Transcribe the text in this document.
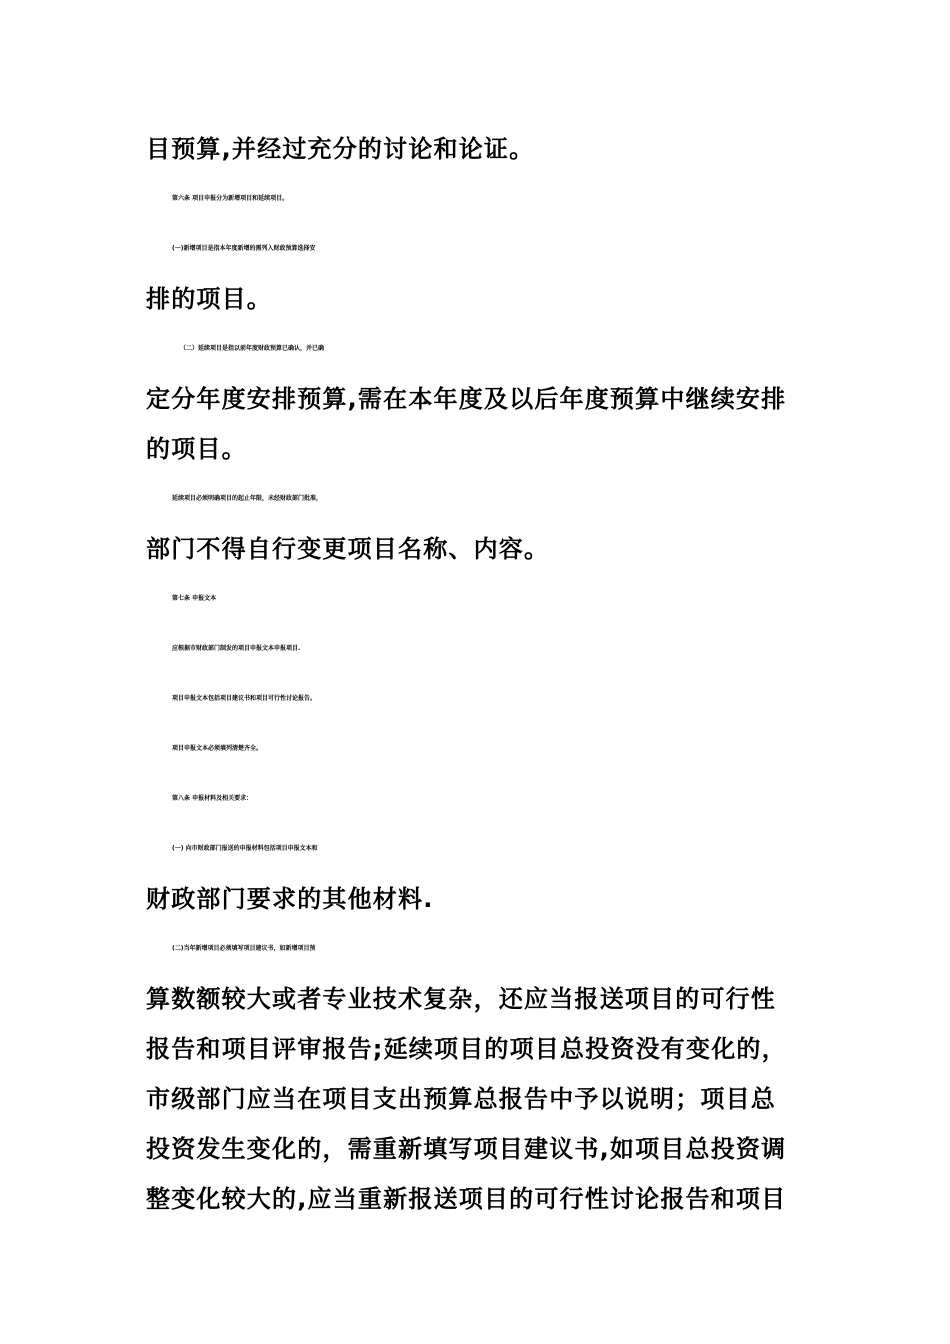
目预算,并经过充分的讨论和论证。

第六条 项目申报分为新增项目和延续项目。

(一)新增项目是指本年度新增的需列入财政预算选择安

排的项目。

（二）延续项目是指以前年度财政预算已确认，并已确

定分年度安排预算,需在本年度及以后年度预算中继续安排

的项目。

延续项目必须明确项目的起止年限，未经财政部门批准，

部门不得自行变更项目名称、内容。

第七条 申报文本

应根据市财政部门制发的项目申报文本申报项目.

项目申报文本包括项目建议书和项目可行性讨论报告。

项目申报文本必须填列清楚齐全。

第八条 申报材料及相关要求：

(一) 向市财政部门报送的申报材料包括项目申报文本和

财政部门要求的其他材料.

(二)当年新增项目必须填写项目建议书，如新增项目预

算数额较大或者专业技术复杂，还应当报送项目的可行性

报告和项目评审报告;延续项目的项目总投资没有变化的，

市级部门应当在项目支出预算总报告中予以说明；项目总

投资发生变化的，需重新填写项目建议书,如项目总投资调

整变化较大的,应当重新报送项目的可行性讨论报告和项目
